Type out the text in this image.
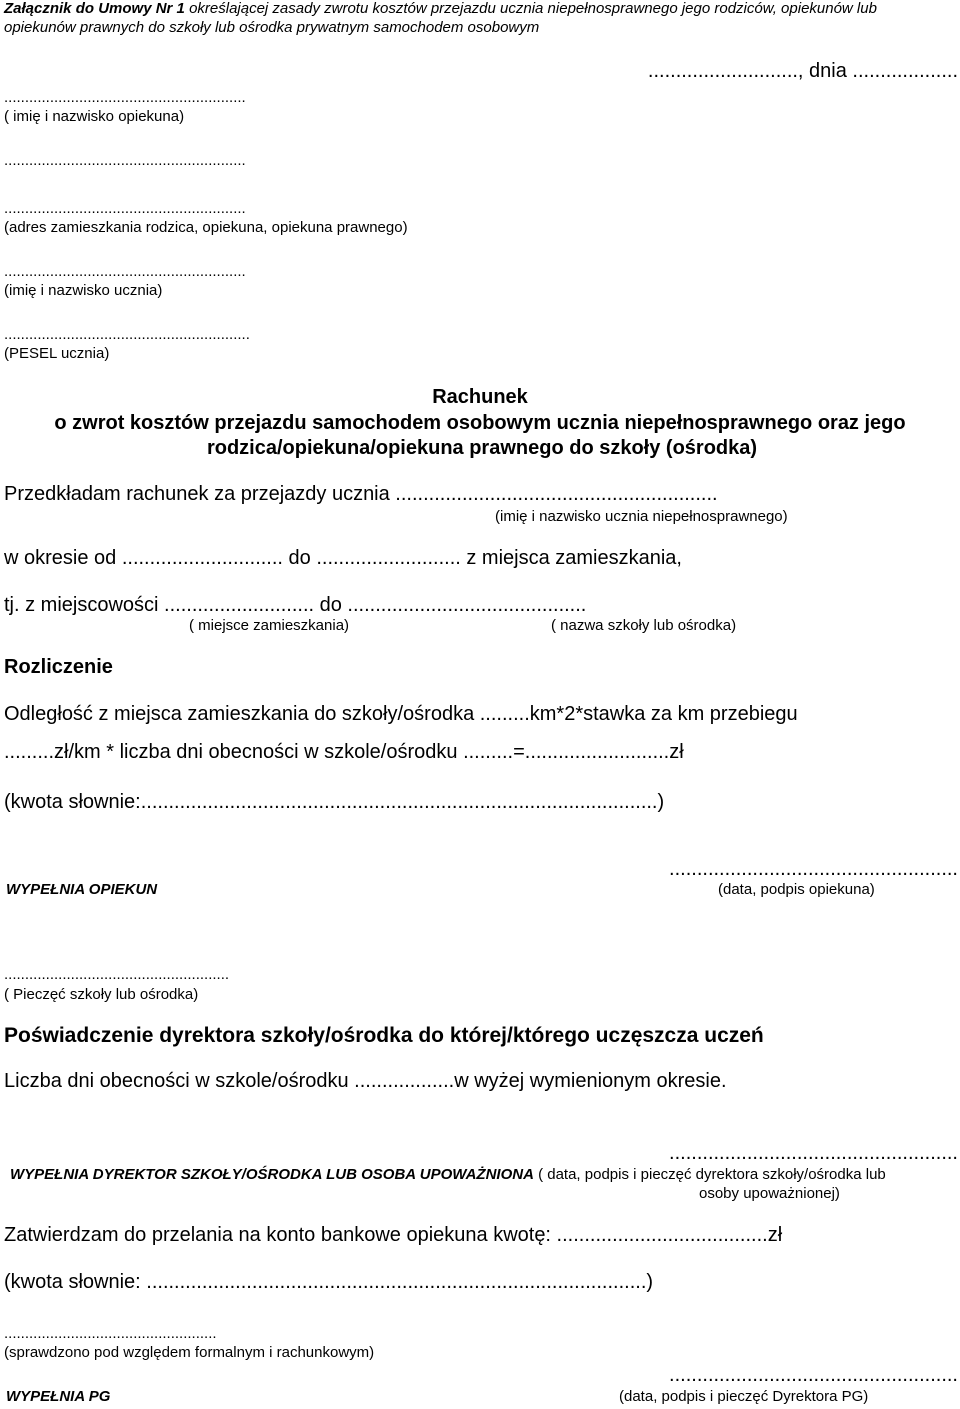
Załącznik do Umowy Nr 1 określającej zasady zwrotu kosztów przejazdu ucznia niepełnosprawnego jego rodziców, opiekunów lub
opiekunów prawnych do szkoły lub ośrodka prywatnym samochodem osobowym
..........................., dnia ...................
..........................................................
( imię i nazwisko opiekuna)
..........................................................
..........................................................
(adres zamieszkania rodzica, opiekuna, opiekuna prawnego)
..........................................................
(imię i nazwisko ucznia)
...........................................................
(PESEL ucznia)
Rachunek
o zwrot kosztów przejazdu samochodem osobowym ucznia niepełnosprawnego oraz jego
rodzica/opiekuna/opiekuna prawnego do szkoły (ośrodka)
Przedkładam rachunek za przejazdy ucznia ..........................................................
(imię i nazwisko ucznia niepełnosprawnego)
w okresie od ............................. do .......................... z miejsca zamieszkania,
tj. z miejscowości ........................... do ...........................................
( miejsce zamieszkania)	( nazwa szkoły lub ośrodka)
Rozliczenie
Odległość z miejsca zamieszkania do szkoły/ośrodka .........km*2*stawka za km przebiegu
.........zł/km * liczba dni obecności w szkole/ośrodku .........=..........................zł
(kwota słownie:.............................................................................................)
WYPEŁNIA OPIEKUN
....................................................
(data, podpis opiekuna)
......................................................
( Pieczęć szkoły lub ośrodka)
Poświadczenie dyrektora szkoły/ośrodka do której/którego uczęszcza uczeń
Liczba dni obecności w szkole/ośrodku ..................w wyżej wymienionym okresie.
....................................................
WYPEŁNIA DYREKTOR SZKOŁY/OŚRODKA LUB OSOBA UPOWAŻNIONA ( data, podpis i pieczęć dyrektora szkoły/ośrodka lub
osoby upoważnionej)
Zatwierdzam do przelania na konto bankowe opiekuna kwotę: ......................................zł
(kwota słownie: ..........................................................................................)
...................................................
(sprawdzono pod względem formalnym i rachunkowym)
WYPEŁNIA PG
....................................................
(data, podpis i pieczęć Dyrektora PG)
